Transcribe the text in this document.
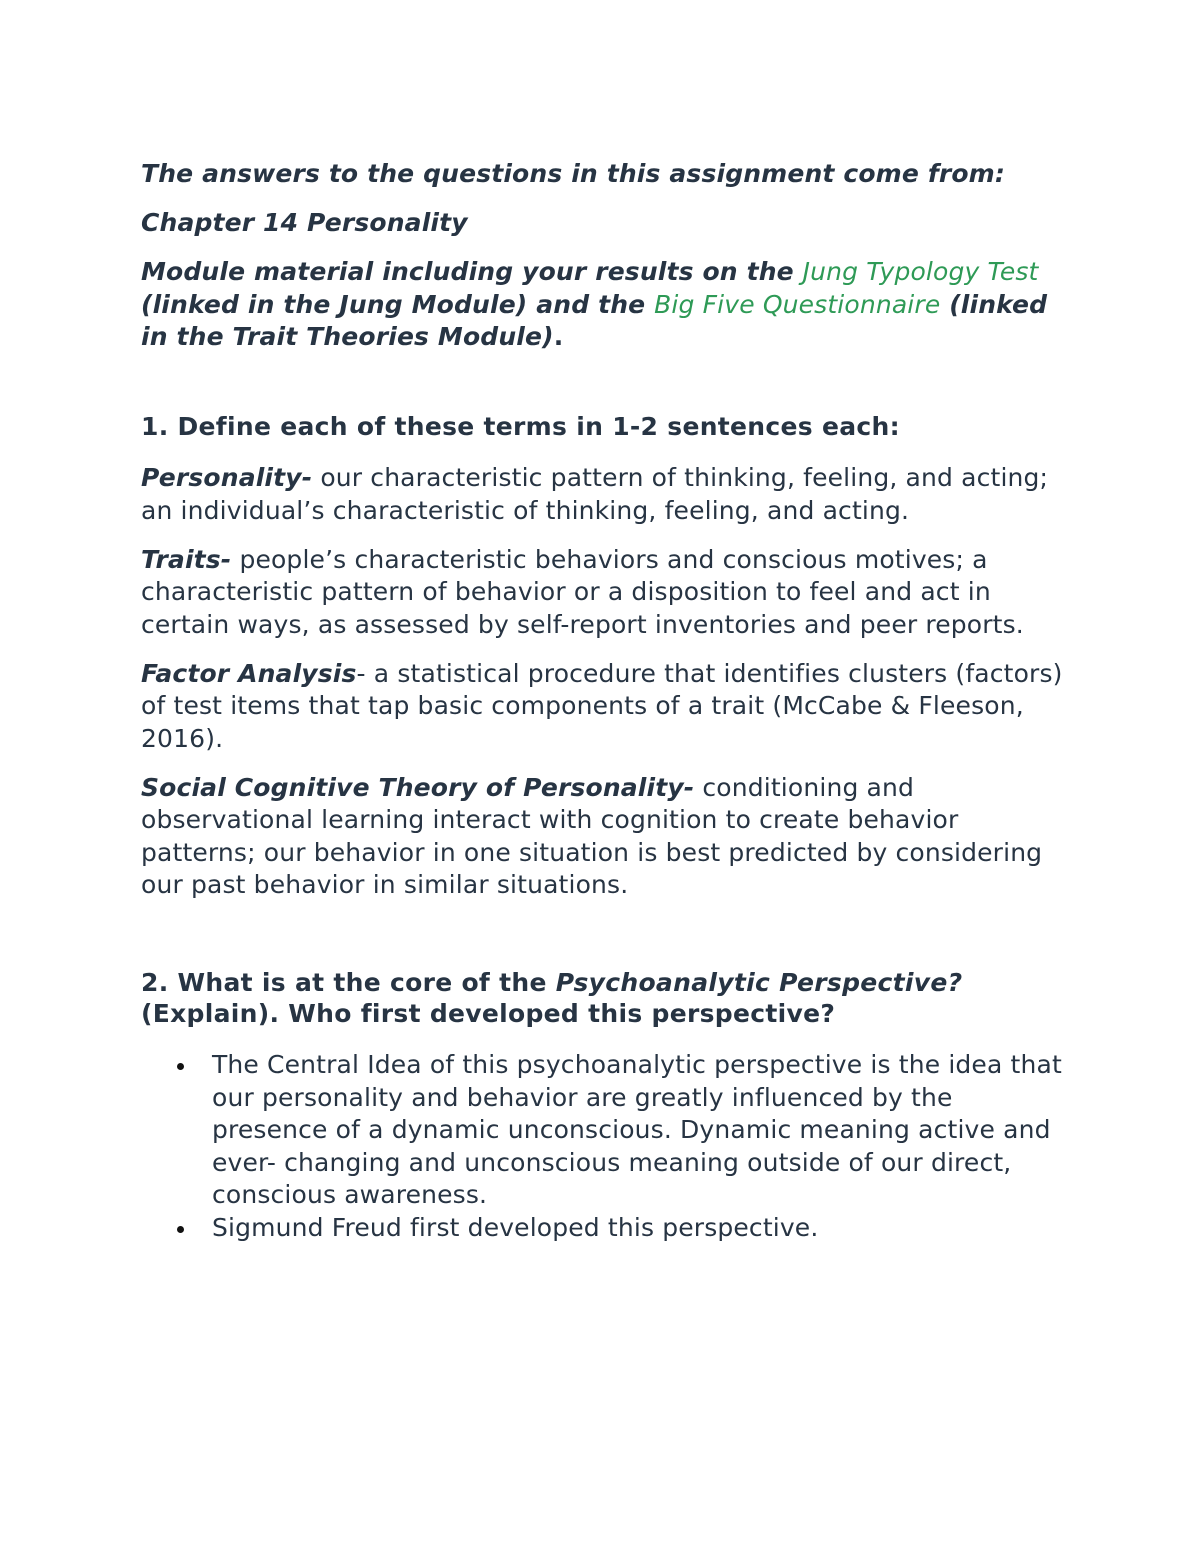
The answers to the questions in this assignment come from:

Chapter 14 Personality

Module material including your results on the Jung Typology Test (linked in the Jung Module) and the Big Five Questionnaire (linked in the Trait Theories Module).

1. Define each of these terms in 1-2 sentences each:

Personality- our characteristic pattern of thinking, feeling, and acting; an individual’s characteristic of thinking, feeling, and acting.

Traits- people’s characteristic behaviors and conscious motives; a characteristic pattern of behavior or a disposition to feel and act in certain ways, as assessed by self-report inventories and peer reports.

Factor Analysis- a statistical procedure that identifies clusters (factors) of test items that tap basic components of a trait (McCabe & Fleeson, 2016).

Social Cognitive Theory of Personality- conditioning and observational learning interact with cognition to create behavior patterns; our behavior in one situation is best predicted by considering our past behavior in similar situations.

2. What is at the core of the Psychoanalytic Perspective? (Explain). Who first developed this perspective?

The Central Idea of this psychoanalytic perspective is the idea that our personality and behavior are greatly influenced by the presence of a dynamic unconscious. Dynamic meaning active and ever- changing and unconscious meaning outside of our direct, conscious awareness.
Sigmund Freud first developed this perspective.
